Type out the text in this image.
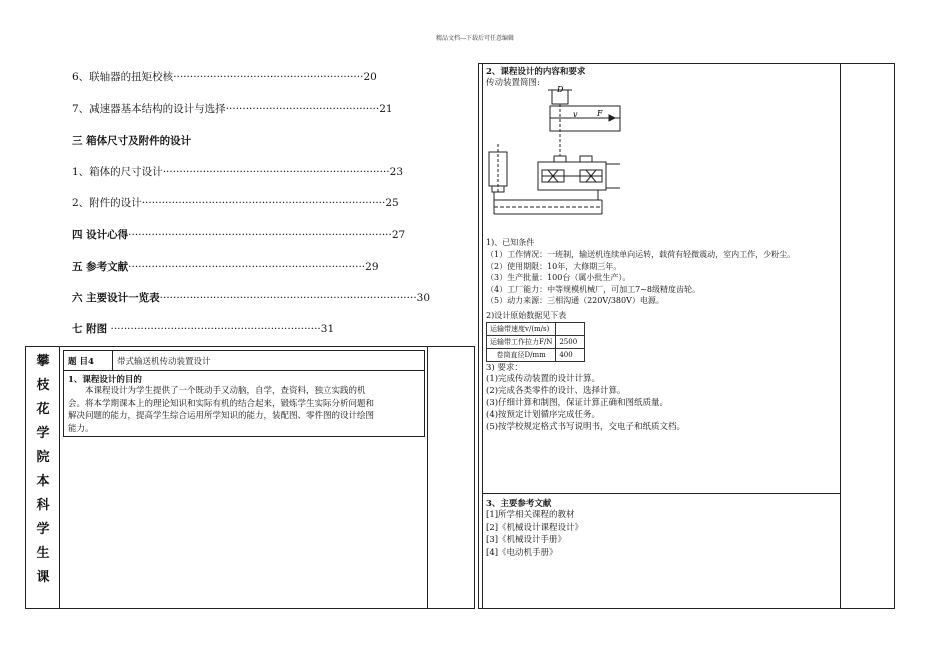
精品文档---下载后可任意编辑
6、联轴器的扭矩校核·························································20
7、减速器基本结构的设计与选择··············································21
三 箱体尺寸及附件的设计
1、箱体的尺寸设计····································································23
2、附件的设计·········································································25
四 设计心得···············································································27
五 参考文献·······································································29
六 主要设计一览表·············································································30
七 附图 ·······························································31
攀
枝
花
学
院
本
科
学
生
课
题 目4	带式输送机传动装置设计
1、课程设计的目的
本课程设计为学生提供了一个既动手又动脑，自学，查资料，独立实践的机
会。将本学期课本上的理论知识和实际有机的结合起来，锻炼学生实际分析问题和
解决问题的能力，提高学生综合运用所学知识的能力，装配图、零件图的设计绘图
能力。
2、课程设计的内容和要求
传动装置简图:
D
v F
1)、已知条件
（1）工作情况：一班制，输送机连续单向运转，载荷有轻微震动，室内工作，少粉尘。
（2）使用期限：10年，大修期三年。
（3）生产批量：100台（属小批生产）。
（4）工厂能力：中等规模机械厂，可加工7~8级精度齿轮。
（5）动力来源：三相沟通（220V/380V）电源。
2)设计原始数据见下表
运输带速度v/(m/s)	
运输带工作拉力F/N	2500
卷筒直径D/mm	400
3) 要求：
(1)完成传动装置的设计计算。
(2)完成各类零件的设计、选择计算。
(3)仔细计算和制图，保证计算正确和图纸质量。
(4)按预定计划循序完成任务。
(5)按学校规定格式书写说明书，交电子和纸质文档。
3、主要参考文献
[1]所学相关课程的教材
[2]《机械设计课程设计》
[3]《机械设计手册》
[4]《电动机手册》
